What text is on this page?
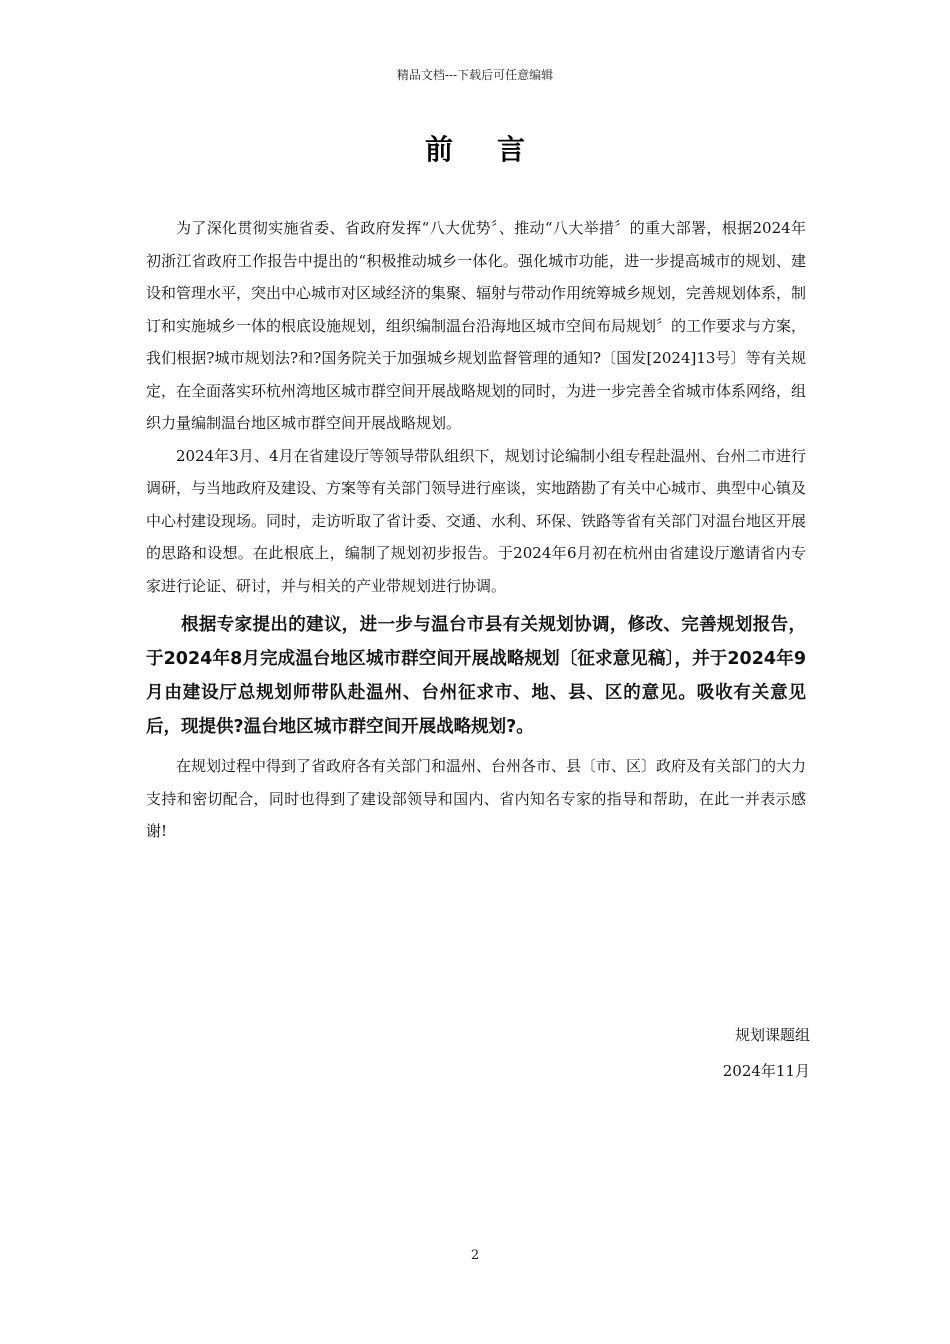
精品文档---下载后可任意编辑
前言

为了深化贯彻实施省委、省政府发挥“八大优势〞、推动“八大举措〞的重大部署，根据2024年初浙江省政府工作报告中提出的“积极推动城乡一体化。强化城市功能，进一步提高城市的规划、建设和管理水平，突出中心城市对区域经济的集聚、辐射与带动作用统筹城乡规划，完善规划体系，制订和实施城乡一体的根底设施规划，组织编制温台沿海地区城市空间布局规划〞的工作要求与方案，我们根据?城市规划法?和?国务院关于加强城乡规划监督管理的通知?〔国发[2024]13号〕等有关规定，在全面落实环杭州湾地区城市群空间开展战略规划的同时，为进一步完善全省城市体系网络，组织力量编制温台地区城市群空间开展战略规划。

2024年3月、4月在省建设厅等领导带队组织下，规划讨论编制小组专程赴温州、台州二市进行调研，与当地政府及建设、方案等有关部门领导进行座谈，实地踏勘了有关中心城市、典型中心镇及中心村建设现场。同时，走访听取了省计委、交通、水利、环保、铁路等省有关部门对温台地区开展的思路和设想。在此根底上，编制了规划初步报告。于2024年6月初在杭州由省建设厅邀请省内专家进行论证、研讨，并与相关的产业带规划进行协调。

根据专家提出的建议，进一步与温台市县有关规划协调，修改、完善规划报告，于2024年8月完成温台地区城市群空间开展战略规划〔征求意见稿〕，并于2024年9月由建设厅总规划师带队赴温州、台州征求市、地、县、区的意见。吸收有关意见后，现提供?温台地区城市群空间开展战略规划?。

在规划过程中得到了省政府各有关部门和温州、台州各市、县〔市、区〕政府及有关部门的大力支持和密切配合，同时也得到了建设部领导和国内、省内知名专家的指导和帮助，在此一并表示感谢!

规划课题组
2024年11月
2
